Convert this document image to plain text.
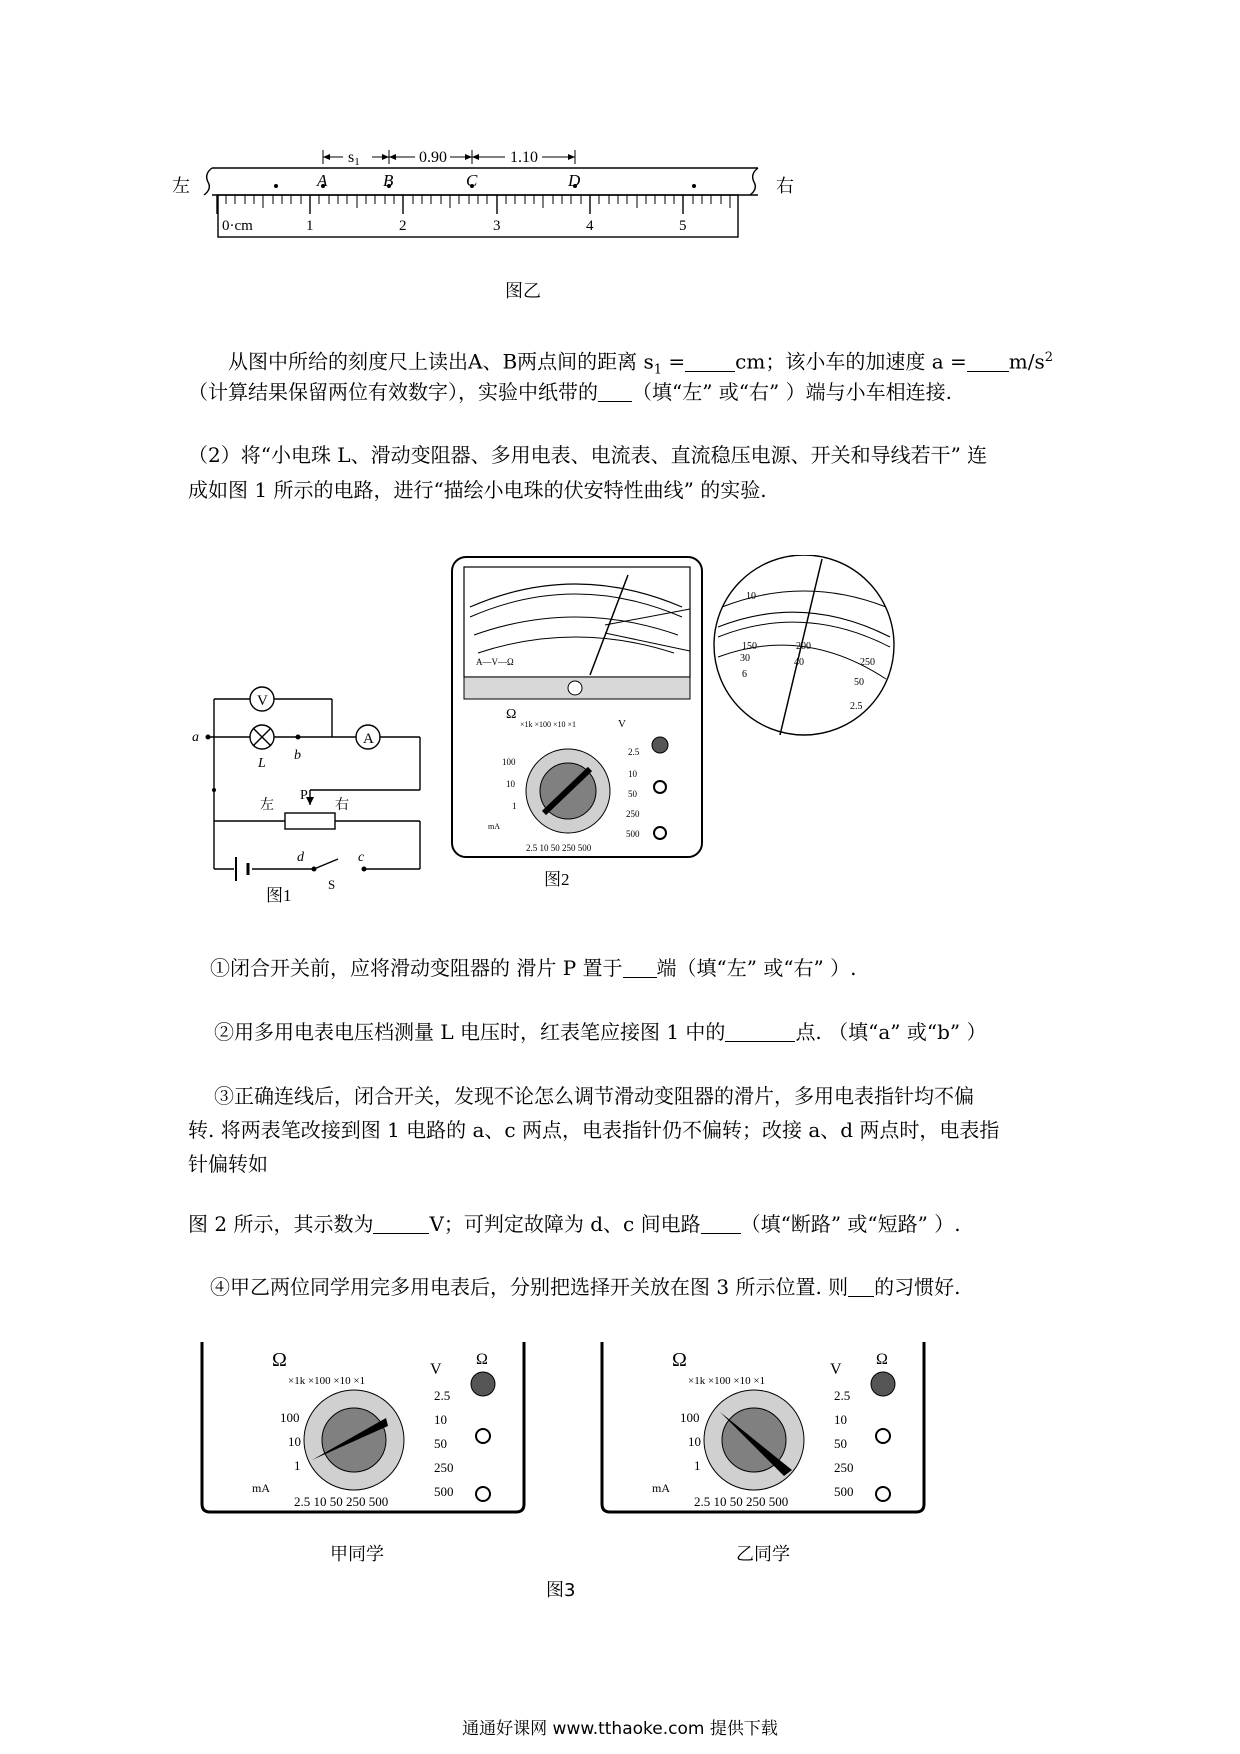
s1	0.90	1.10
A	B	C	D
0·cm	1	2	3	4	5
左	右
图乙
从图中所给的刻度尺上读出A、B两点间的距离 $s_1$ =	cm；该小车的加速度 $a = m/s^2$
（计算结果保留两位有效数字），实验中纸带的 （填“左” 或“右” ）端与小车相连接.
（2）将“小电珠 L、滑动变阻器、多用电表、电流表、直流稳压电源、开关和导线若干” 连
成如图 1 所示的电路，进行“描绘小电珠的伏安特性曲线” 的实验.
V
A
a
b
L
左	右
P
d	c
S
图1
A—V—Ω
Ω
×1k ×100 ×10 ×1	V
100
10
1
mA
2.5
10
50
250
500
2.5 10 50 250 500
10
150
30
6
200
40	250
50
2.5
图2
①闭合开关前，应将滑动变阻器的 滑片 P 置于 端（填“左” 或“右” ）.
②用多用电表电压档测量 L 电压时，红表笔应接图 1 中的	点. （填“a” 或“b” ）
③正确连线后，闭合开关，发现不论怎么调节滑动变阻器的滑片，多用电表指针均不偏
转. 将两表笔改接到图 1 电路的 a、c 两点，电表指针仍不偏转；改接 a、d 两点时，电表指
针偏转如
图 2 所示，其示数为	V；可判定故障为 d、c 间电路 （填“断路” 或“短路” ）.
④甲乙两位同学用完多用电表后，分别把选择开关放在图 3 所示位置. 则 的习惯好.
Ω
×1k ×100 ×10 ×1
V
100
10
1
mA
2.5
10
50
250
500
2.5 10 50 250 500
Ω	Ω
×1k ×100 ×10 ×1
V
100
10
1
mA
2.5
10
50
250
500
2.5 10 50 250 500
Ω
甲同学	乙同学
图3
通通好课网 www.tthaoke.com 提供下载
